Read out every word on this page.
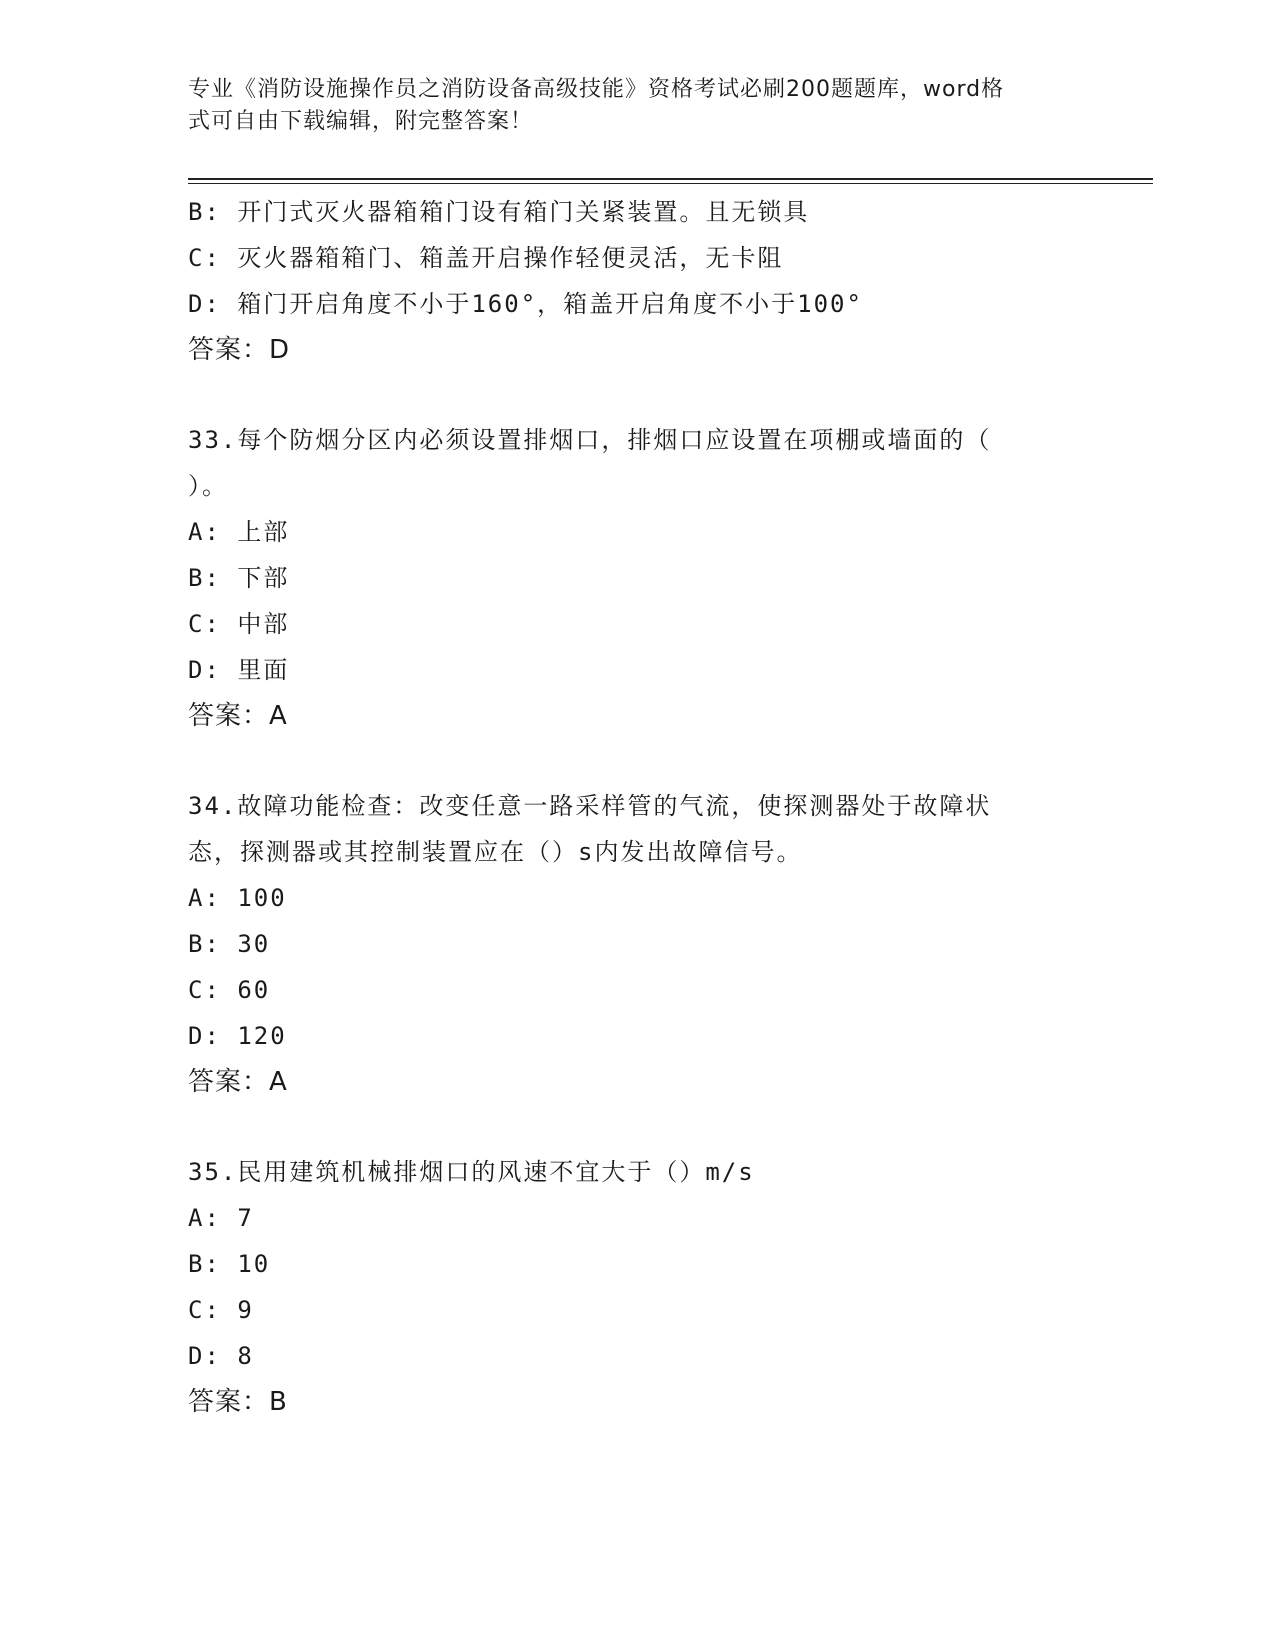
专业《消防设施操作员之消防设备高级技能》资格考试必刷200题题库，word格
式可自由下载编辑，附完整答案！
B: 开门式灭火器箱箱门设有箱门关紧装置。且无锁具
C: 灭火器箱箱门、箱盖开启操作轻便灵活，无卡阻
D: 箱门开启角度不小于160°，箱盖开启角度不小于100°
答案：D
33.每个防烟分区内必须设置排烟口，排烟口应设置在项棚或墙面的（
）。
A: 上部
B: 下部
C: 中部
D: 里面
答案：A
34.故障功能检查：改变任意一路采样管的气流，使探测器处于故障状
态，探测器或其控制装置应在（）s内发出故障信号。
A: 100
B: 30
C: 60
D: 120
答案：A
35.民用建筑机械排烟口的风速不宜大于（）m/s
A: 7
B: 10
C: 9
D: 8
答案：B
